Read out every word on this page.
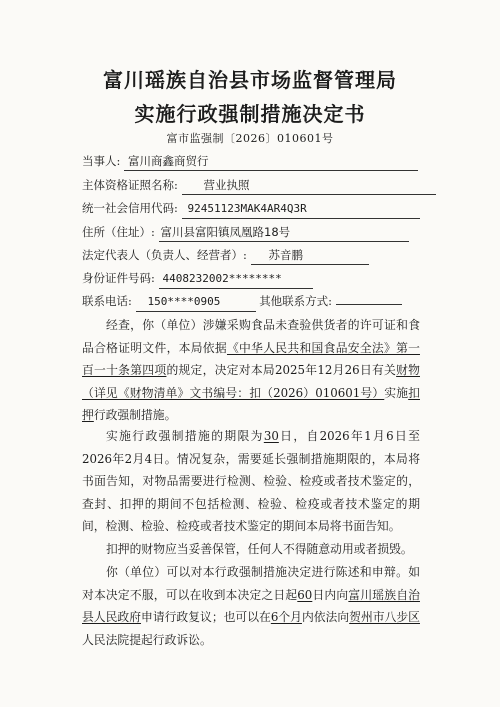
富川瑶族自治县市场监督管理局
实施行政强制措施决定书
富市监强制〔2026〕010601号
当事人: 富川商鑫商贸行
主体资格证照名称: 营业执照
统一社会信用代码: 92451123MAK4AR4Q3R
住所（住址）: 富川县富阳镇凤凰路18号
法定代表人（负责人、经营者）: 苏音鹏
身份证件号码: 4408232002********
联系电话: 150****0905	其他联系方式:
经查，你（单位）涉嫌采购食品未查验供货者的许可证和食品合格证明文件，本局依据《中华人民共和国食品安全法》第一百一十条第四项的规定，决定对本局2025年12月26日有关财物（详见《财物清单》文书编号：扣（2026）010601号）实施扣押行政强制措施。
实施行政强制措施的期限为30日，自2026年1月6日至2026年2月4日。情况复杂，需要延长强制措施期限的，本局将书面告知，对物品需要进行检测、检验、检疫或者技术鉴定的，查封、扣押的期间不包括检测、检验、检疫或者技术鉴定的期间，检测、检验、检疫或者技术鉴定的期间本局将书面告知。
扣押的财物应当妥善保管，任何人不得随意动用或者损毁。
你（单位）可以对本行政强制措施决定进行陈述和申辩。如对本决定不服，可以在收到本决定之日起60日内向富川瑶族自治县人民政府申请行政复议；也可以在6个月内依法向贺州市八步区人民法院提起行政诉讼。
